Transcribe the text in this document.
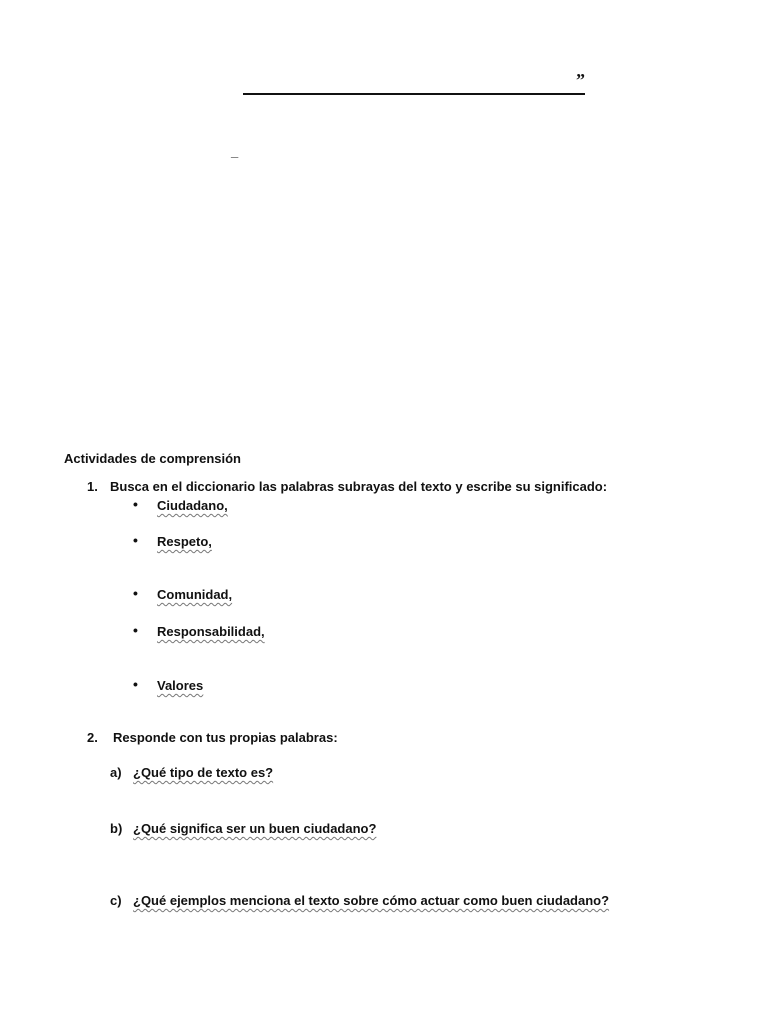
”
_
Actividades de comprensión
1. Busca en el diccionario las palabras subrayas del texto y escribe su significado:
• Ciudadano,
• Respeto,
• Comunidad,
• Responsabilidad,
• Valores
2. Responde con tus propias palabras:
a) ¿Qué tipo de texto es?
b) ¿Qué significa ser un buen ciudadano?
c) ¿Qué ejemplos menciona el texto sobre cómo actuar como buen ciudadano?
